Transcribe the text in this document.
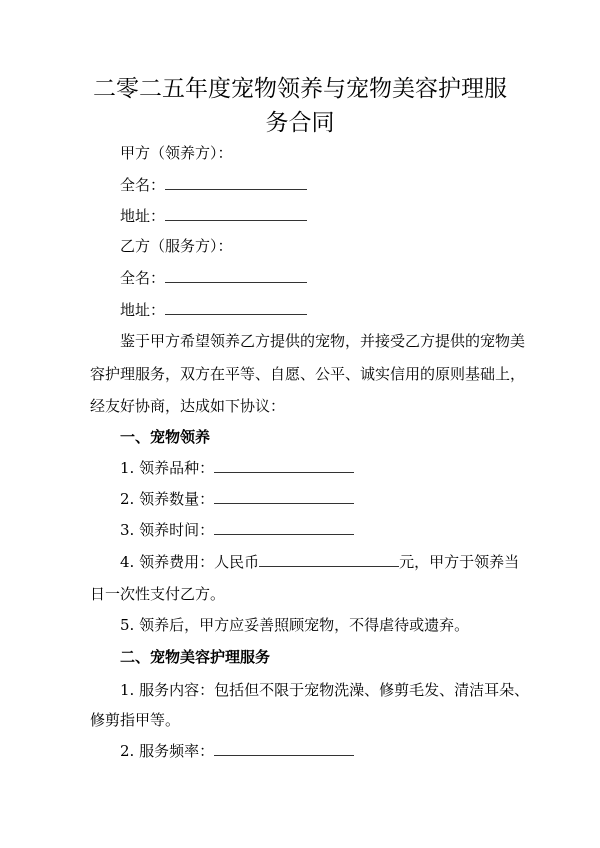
二零二五年度宠物领养与宠物美容护理服
务合同
甲方（领养方）：
全名：
地址：
乙方（服务方）：
全名：
地址：
鉴于甲方希望领养乙方提供的宠物，并接受乙方提供的宠物美
容护理服务，双方在平等、自愿、公平、诚实信用的原则基础上，
经友好协商，达成如下协议：
一、宠物领养
1. 领养品种：
2. 领养数量：
3. 领养时间：
4. 领养费用：人民币	元，甲方于领养当
日一次性支付乙方。
5. 领养后，甲方应妥善照顾宠物，不得虐待或遗弃。
二、宠物美容护理服务
1. 服务内容：包括但不限于宠物洗澡、修剪毛发、清洁耳朵、
修剪指甲等。
2. 服务频率：
